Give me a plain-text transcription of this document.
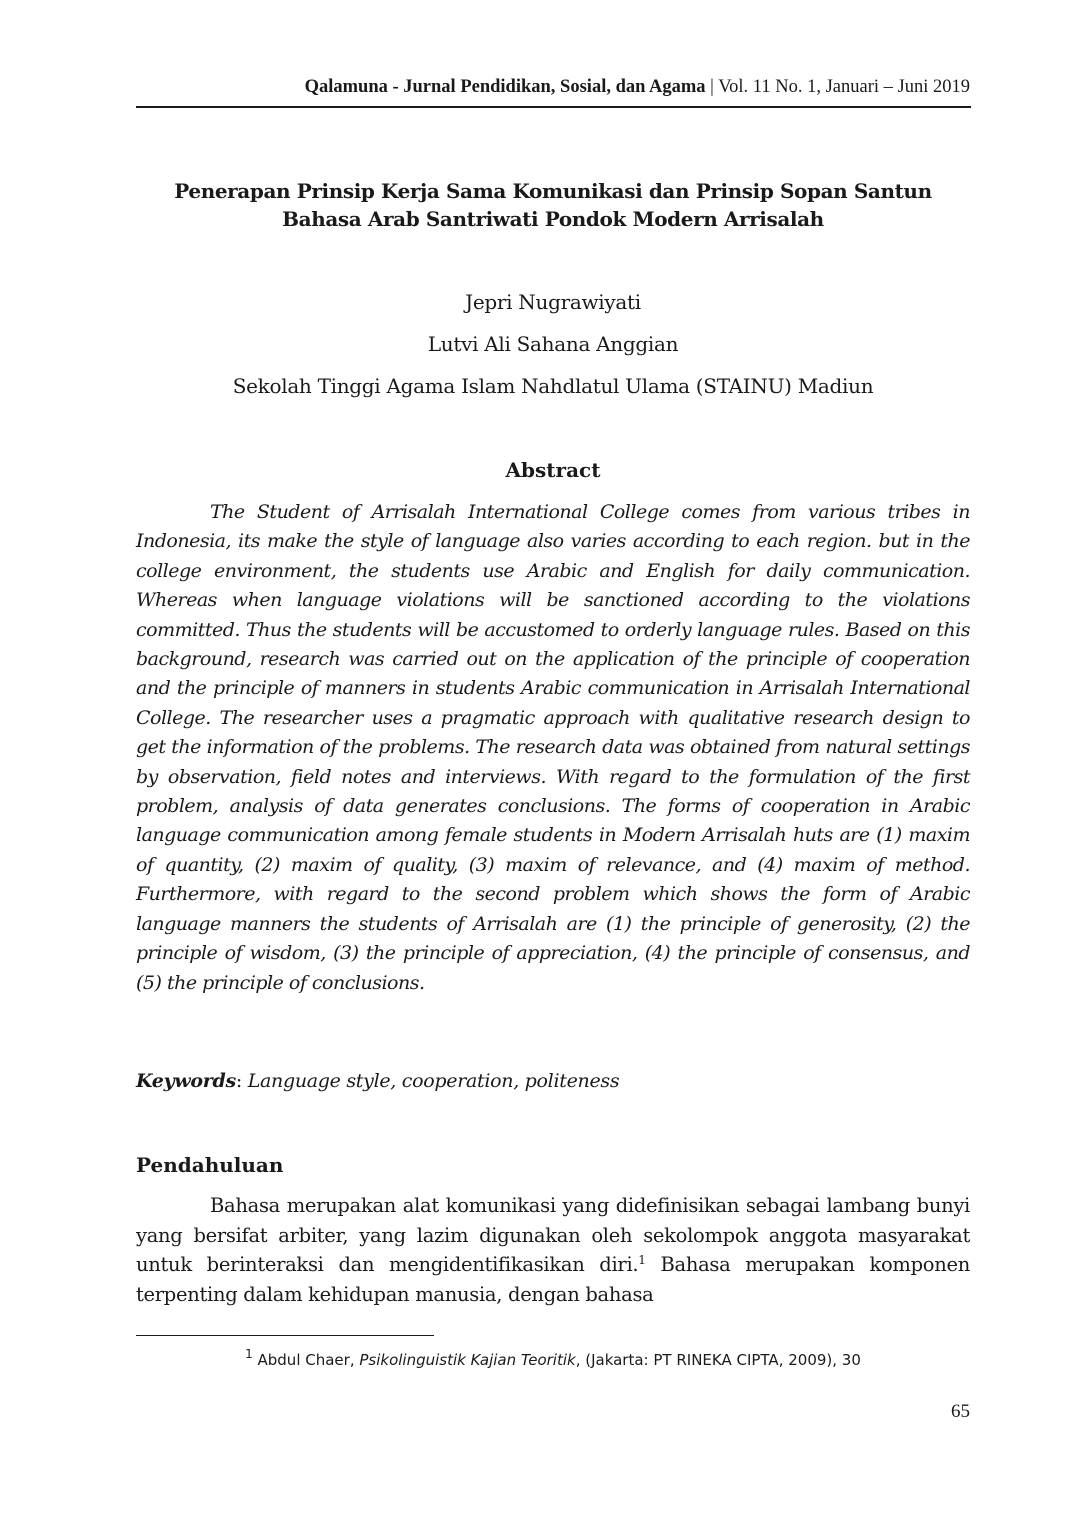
Qalamuna - Jurnal Pendidikan, Sosial, dan Agama | Vol. 11 No. 1, Januari – Juni 2019
Penerapan Prinsip Kerja Sama Komunikasi dan Prinsip Sopan Santun
Bahasa Arab Santriwati Pondok Modern Arrisalah
Jepri Nugrawiyati
Lutvi Ali Sahana Anggian
Sekolah Tinggi Agama Islam Nahdlatul Ulama (STAINU) Madiun
Abstract

The Student of Arrisalah International College comes from various tribes in Indonesia, its make the style of language also varies according to each region. but in the college environment, the students use Arabic and English for daily communication. Whereas when language violations will be sanctioned according to the violations committed. Thus the students will be accustomed to orderly language rules. Based on this background, research was carried out on the application of the principle of cooperation and the principle of manners in students Arabic communication in Arrisalah International College. The researcher uses a pragmatic approach with qualitative research design to get the information of the problems. The research data was obtained from natural settings by observation, field notes and interviews. With regard to the formulation of the first problem, analysis of data generates conclusions. The forms of cooperation in Arabic language communication among female students in Modern Arrisalah huts are (1) maxim of quantity, (2) maxim of quality, (3) maxim of relevance, and (4) maxim of method. Furthermore, with regard to the second problem which shows the form of Arabic language manners the students of Arrisalah are (1) the principle of generosity, (2) the principle of wisdom, (3) the principle of appreciation, (4) the principle of consensus, and (5) the principle of conclusions.

Keywords: Language style, cooperation, politeness
Pendahuluan

Bahasa merupakan alat komunikasi yang didefinisikan sebagai lambang bunyi yang bersifat arbiter, yang lazim digunakan oleh sekolompok anggota masyarakat untuk berinteraksi dan mengidentifikasikan diri.$^1$ Bahasa merupakan komponen terpenting dalam kehidupan manusia, dengan bahasa

$^1$ Abdul Chaer, Psikolinguistik Kajian Teoritik, (Jakarta: PT RINEKA CIPTA, 2009), 30
65
